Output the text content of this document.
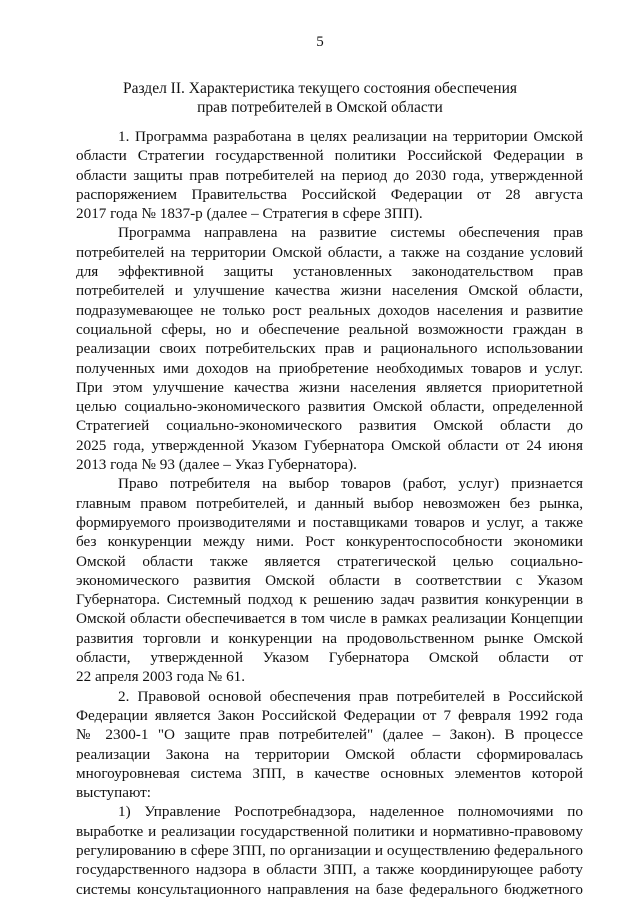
5
Раздел II. Характеристика текущего состояния обеспечения
прав потребителей в Омской области
1. Программа разработана в целях реализации на территории Омской
области Стратегии государственной политики Российской Федерации в
области защиты прав потребителей на период до 2030 года, утвержденной
распоряжением Правительства Российской Федерации от 28 августа
2017 года № 1837-р (далее – Стратегия в сфере ЗПП).
Программа направлена на развитие системы обеспечения прав
потребителей на территории Омской области, а также на создание условий
для эффективной защиты установленных законодательством прав
потребителей и улучшение качества жизни населения Омской области,
подразумевающее не только рост реальных доходов населения и развитие
социальной сферы, но и обеспечение реальной возможности граждан в
реализации своих потребительских прав и рационального использовании
полученных ими доходов на приобретение необходимых товаров и услуг.
При этом улучшение качества жизни населения является приоритетной
целью социально-экономического развития Омской области, определенной
Стратегией социально-экономического развития Омской области до
2025 года, утвержденной Указом Губернатора Омской области от 24 июня
2013 года № 93 (далее – Указ Губернатора).
Право потребителя на выбор товаров (работ, услуг) признается
главным правом потребителей, и данный выбор невозможен без рынка,
формируемого производителями и поставщиками товаров и услуг, а также
без конкуренции между ними. Рост конкурентоспособности экономики
Омской области также является стратегической целью социально-
экономического развития Омской области в соответствии с Указом
Губернатора. Системный подход к решению задач развития конкуренции в
Омской области обеспечивается в том числе в рамках реализации Концепции
развития торговли и конкуренции на продовольственном рынке Омской
области, утвержденной Указом Губернатора Омской области от
22 апреля 2003 года № 61.
2. Правовой основой обеспечения прав потребителей в Российской
Федерации является Закон Российской Федерации от 7 февраля 1992 года
№ 2300-1 "О защите прав потребителей" (далее – Закон). В процессе
реализации Закона на территории Омской области сформировалась
многоуровневая система ЗПП, в качестве основных элементов которой
выступают:
1) Управление Роспотребнадзора, наделенное полномочиями по
выработке и реализации государственной политики и нормативно-правовому
регулированию в сфере ЗПП, по организации и осуществлению федерального
государственного надзора в области ЗПП, а также координирующее работу
системы консультационного направления на базе федерального бюджетного
